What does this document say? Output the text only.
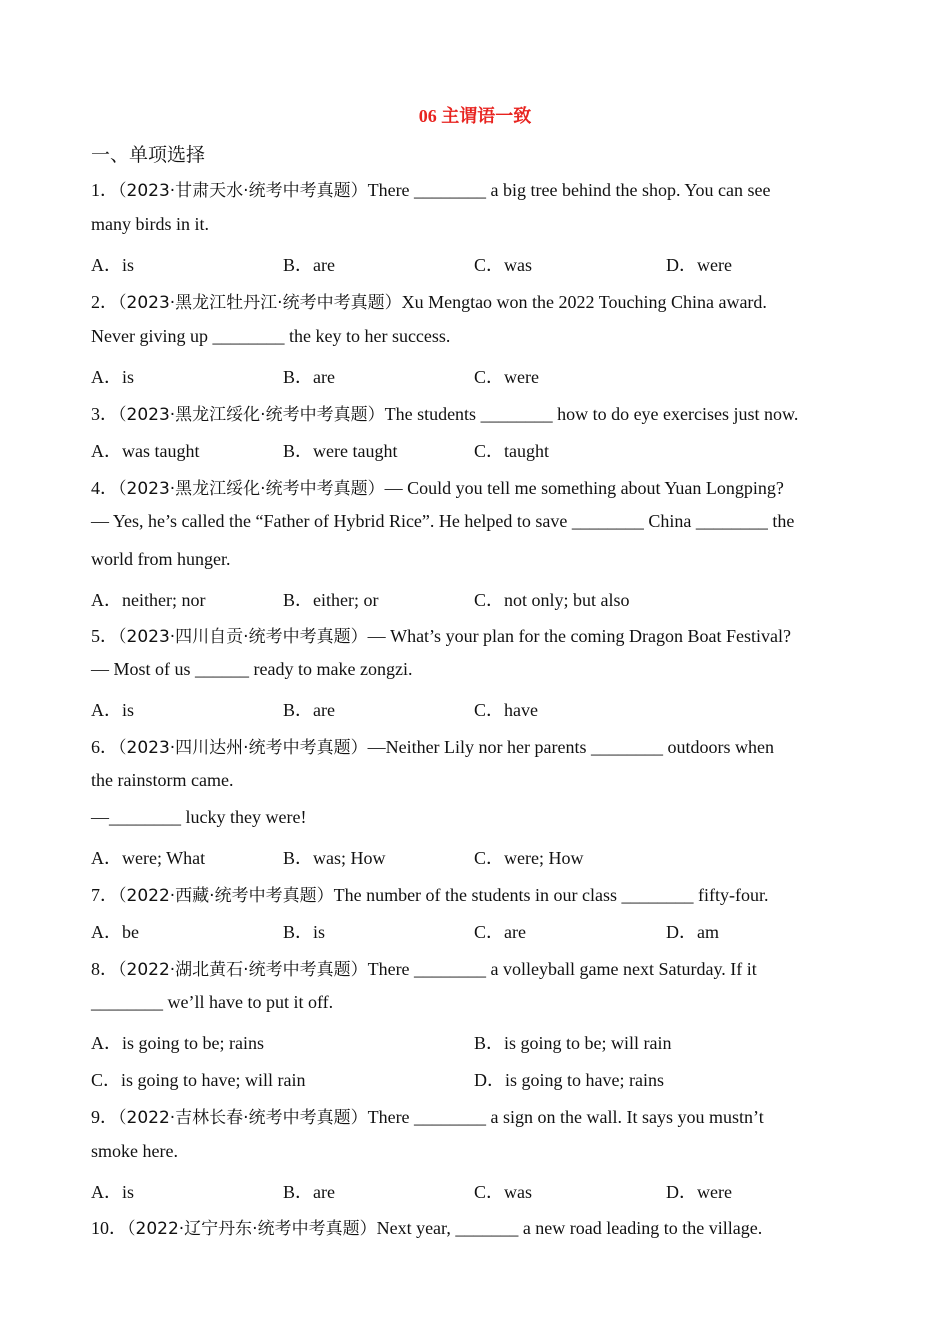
06 主谓语一致
一、单项选择
1．（2023·甘肃天水·统考中考真题）There ________ a big tree behind the shop. You can see
many birds in it.
A．is	B．are	C．was	D．were
2．（2023·黑龙江牡丹江·统考中考真题）Xu Mengtao won the 2022 Touching China award.
Never giving up ________ the key to her success.
A．is	B．are	C．were
3．（2023·黑龙江绥化·统考中考真题）The students ________ how to do eye exercises just now.
A．was taught	B．were taught	C．taught
4．（2023·黑龙江绥化·统考中考真题）— Could you tell me something about Yuan Longping?
— Yes, he’s called the “Father of Hybrid Rice”. He helped to save ________ China ________ the
world from hunger.
A．neither; nor	B．either; or	C．not only; but also
5．（2023·四川自贡·统考中考真题）— What’s your plan for the coming Dragon Boat Festival?
— Most of us ______ ready to make zongzi.
A．is	B．are	C．have
6．（2023·四川达州·统考中考真题）—Neither Lily nor her parents ________ outdoors when
the rainstorm came.
—________ lucky they were!
A．were; What	B．was; How	C．were; How
7．（2022·西藏·统考中考真题）The number of the students in our class ________ fifty-four.
A．be	B．is	C．are	D．am
8．（2022·湖北黄石·统考中考真题）There ________ a volleyball game next Saturday. If it
________ we’ll have to put it off.
A．is going to be; rains	B．is going to be; will rain
C．is going to have; will rain	D．is going to have; rains
9．（2022·吉林长春·统考中考真题）There ________ a sign on the wall. It says you mustn’t
smoke here.
A．is	B．are	C．was	D．were
10．（2022·辽宁丹东·统考中考真题）Next year, _______ a new road leading to the village.
